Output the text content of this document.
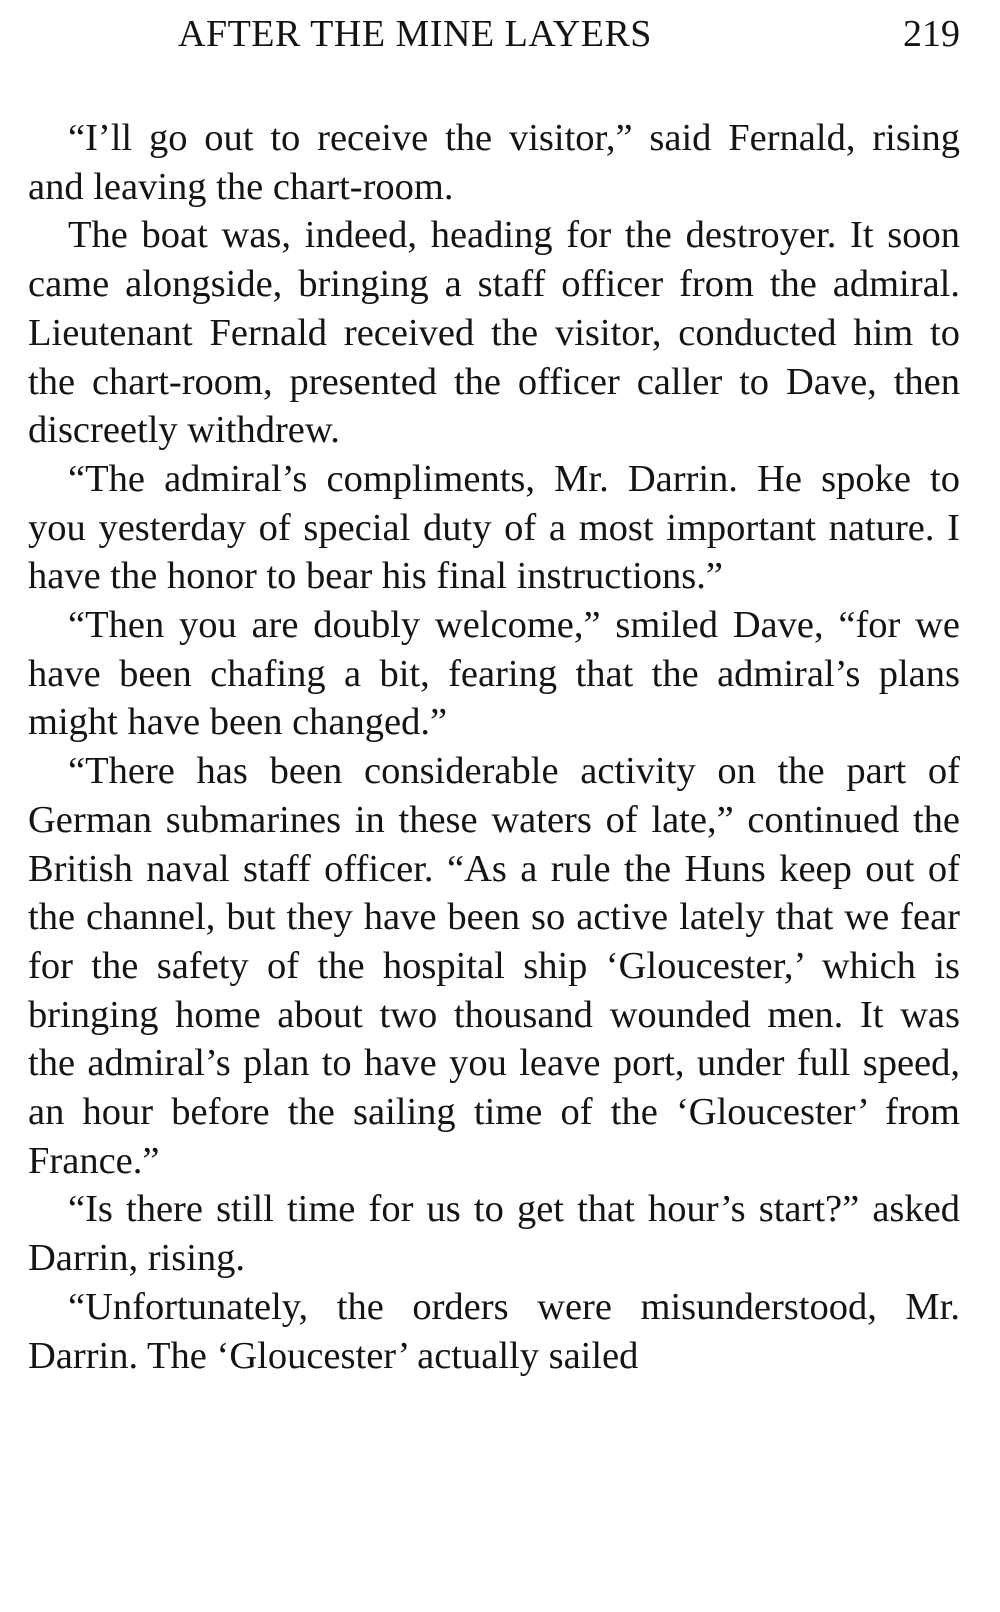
AFTER THE MINE LAYERS	219

“I’ll go out to receive the visitor,” said Fernald, rising and leaving the chart-room.

The boat was, indeed, heading for the destroyer. It soon came alongside, bringing a staff officer from the admiral. Lieutenant Fernald received the visitor, conducted him to the chart-room, presented the officer caller to Dave, then discreetly withdrew.

“The admiral’s compliments, Mr. Darrin. He spoke to you yesterday of special duty of a most important nature. I have the honor to bear his final instructions.”

“Then you are doubly welcome,” smiled Dave, “for we have been chafing a bit, fearing that the admiral’s plans might have been changed.”

“There has been considerable activity on the part of German submarines in these waters of late,” continued the British naval staff officer. “As a rule the Huns keep out of the channel, but they have been so active lately that we fear for the safety of the hospital ship ‘Gloucester,’ which is bringing home about two thousand wounded men. It was the admiral’s plan to have you leave port, under full speed, an hour before the sailing time of the ‘Gloucester’ from France.”

“Is there still time for us to get that hour’s start?” asked Darrin, rising.

“Unfortunately, the orders were misunderstood, Mr. Darrin. The ‘Gloucester’ actually sailed
